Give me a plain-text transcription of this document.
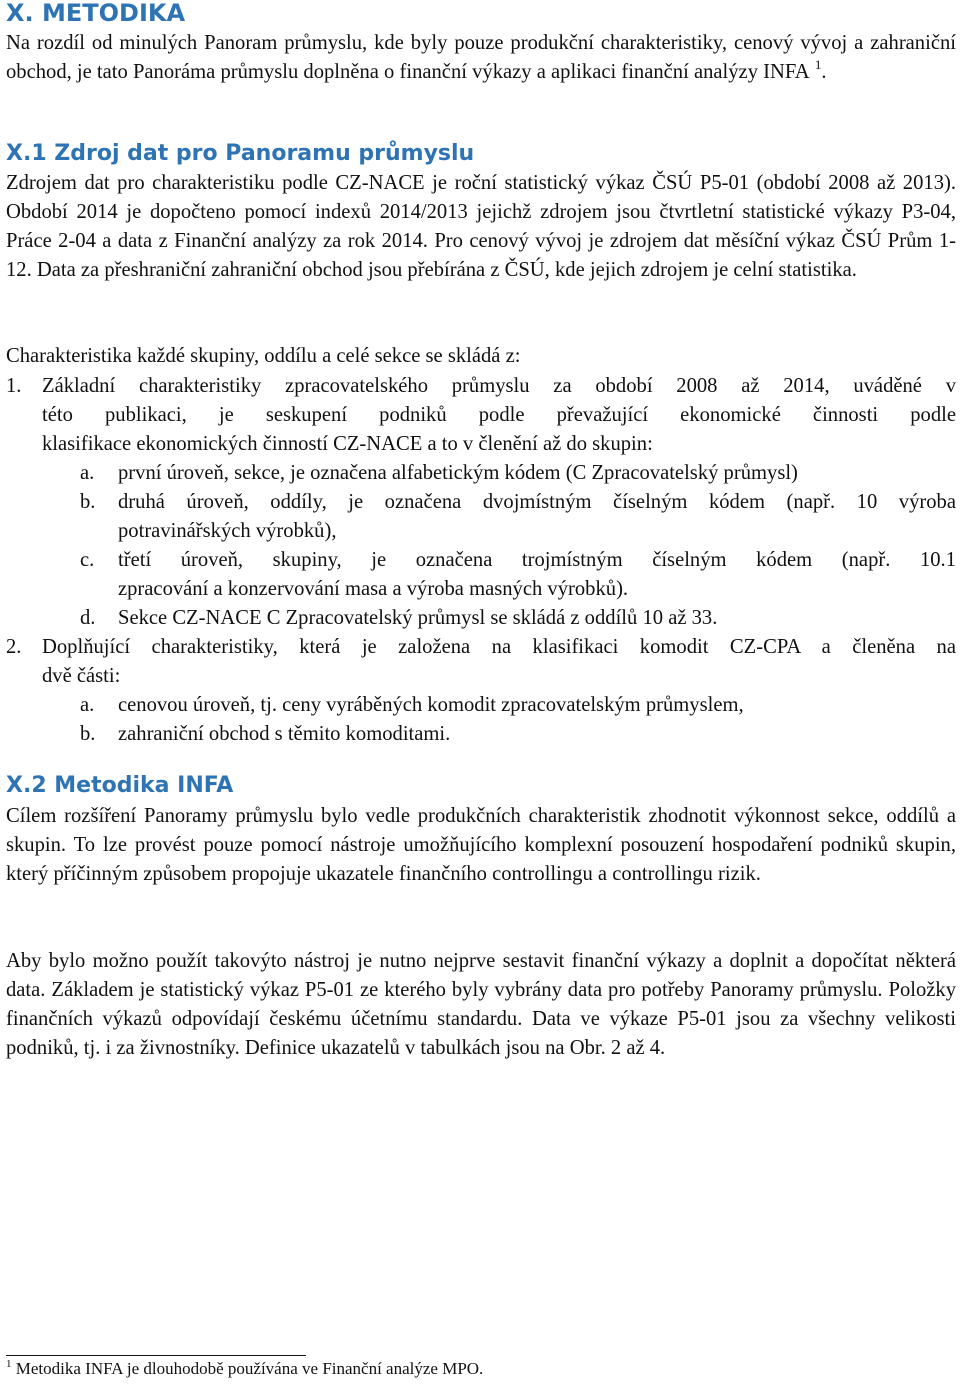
X. METODIKA

Na rozdíl od minulých Panoram průmyslu, kde byly pouze produkční charakteristiky, cenový vývoj a zahraniční obchod, je tato Panoráma průmyslu doplněna o finanční výkazy a aplikaci finanční analýzy INFA $^1$.

X.1 Zdroj dat pro Panoramu průmyslu

Zdrojem dat pro charakteristiku podle CZ-NACE je roční statistický výkaz ČSÚ P5-01 (období 2008 až 2013). Období 2014 je dopočteno pomocí indexů 2014/2013 jejichž zdrojem jsou čtvrtletní statistické výkazy P3-04, Práce 2-04 a data z Finanční analýzy za rok 2014. Pro cenový vývoj je zdrojem dat měsíční výkaz ČSÚ Prům 1-12. Data za přeshraniční zahraniční obchod jsou přebírána z ČSÚ, kde jejich zdrojem je celní statistika.

Charakteristika každé skupiny, oddílu a celé sekce se skládá z:

1. Základní charakteristiky zpracovatelského průmyslu za období 2008 až 2014, uváděné v

této publikaci, je seskupení podniků podle převažující ekonomické činnosti podle

klasifikace ekonomických činností CZ-NACE a to v členění až do skupin:

a. první úroveň, sekce, je označena alfabetickým kódem (C Zpracovatelský průmysl)

b. druhá úroveň, oddíly, je označena dvojmístným číselným kódem (např. 10 výroba

potravinářských výrobků),

c. třetí úroveň, skupiny, je označena trojmístným číselným kódem (např. 10.1

zpracování a konzervování masa a výroba masných výrobků).

d. Sekce CZ-NACE C Zpracovatelský průmysl se skládá z oddílů 10 až 33.

2. Doplňující charakteristiky, která je založena na klasifikaci komodit CZ-CPA a členěna na

dvě části:

a. cenovou úroveň, tj. ceny vyráběných komodit zpracovatelským průmyslem,

b. zahraniční obchod s těmito komoditami.

X.2 Metodika INFA

Cílem rozšíření Panoramy průmyslu bylo vedle produkčních charakteristik zhodnotit výkonnost sekce, oddílů a skupin. To lze provést pouze pomocí nástroje umožňujícího komplexní posouzení hospodaření podniků skupin, který příčinným způsobem propojuje ukazatele finančního controllingu a controllingu rizik.

Aby bylo možno použít takovýto nástroj je nutno nejprve sestavit finanční výkazy a doplnit a dopočítat některá data. Základem je statistický výkaz P5-01 ze kterého byly vybrány data pro potřeby Panoramy průmyslu. Položky finančních výkazů odpovídají českému účetnímu standardu. Data ve výkaze P5-01 jsou za všechny velikosti podniků, tj. i za živnostníky. Definice ukazatelů v tabulkách jsou na Obr. 2 až 4.

$^1$ Metodika INFA je dlouhodobě používána ve Finanční analýze MPO.
